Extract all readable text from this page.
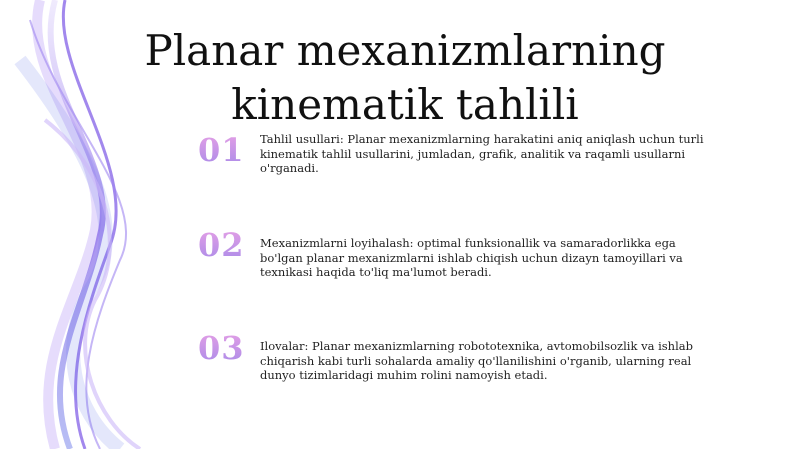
Planar mexanizmlarning
kinematik tahlili
01	Tahlil usullari: Planar mexanizmlarning harakatini aniq aniqlash uchun turli kinematik tahlil usullarini, jumladan, grafik, analitik va raqamli usullarni o'rganadi.
02	Mexanizmlarni loyihalash: optimal funksionallik va samaradorlikka ega bo'lgan planar mexanizmlarni ishlab chiqish uchun dizayn tamoyillari va texnikasi haqida to'liq ma'lumot beradi.
03	Ilovalar: Planar mexanizmlarning robototexnika, avtomobilsozlik va ishlab chiqarish kabi turli sohalarda amaliy qo'llanilishini o'rganib, ularning real dunyo tizimlaridagi muhim rolini namoyish etadi.
